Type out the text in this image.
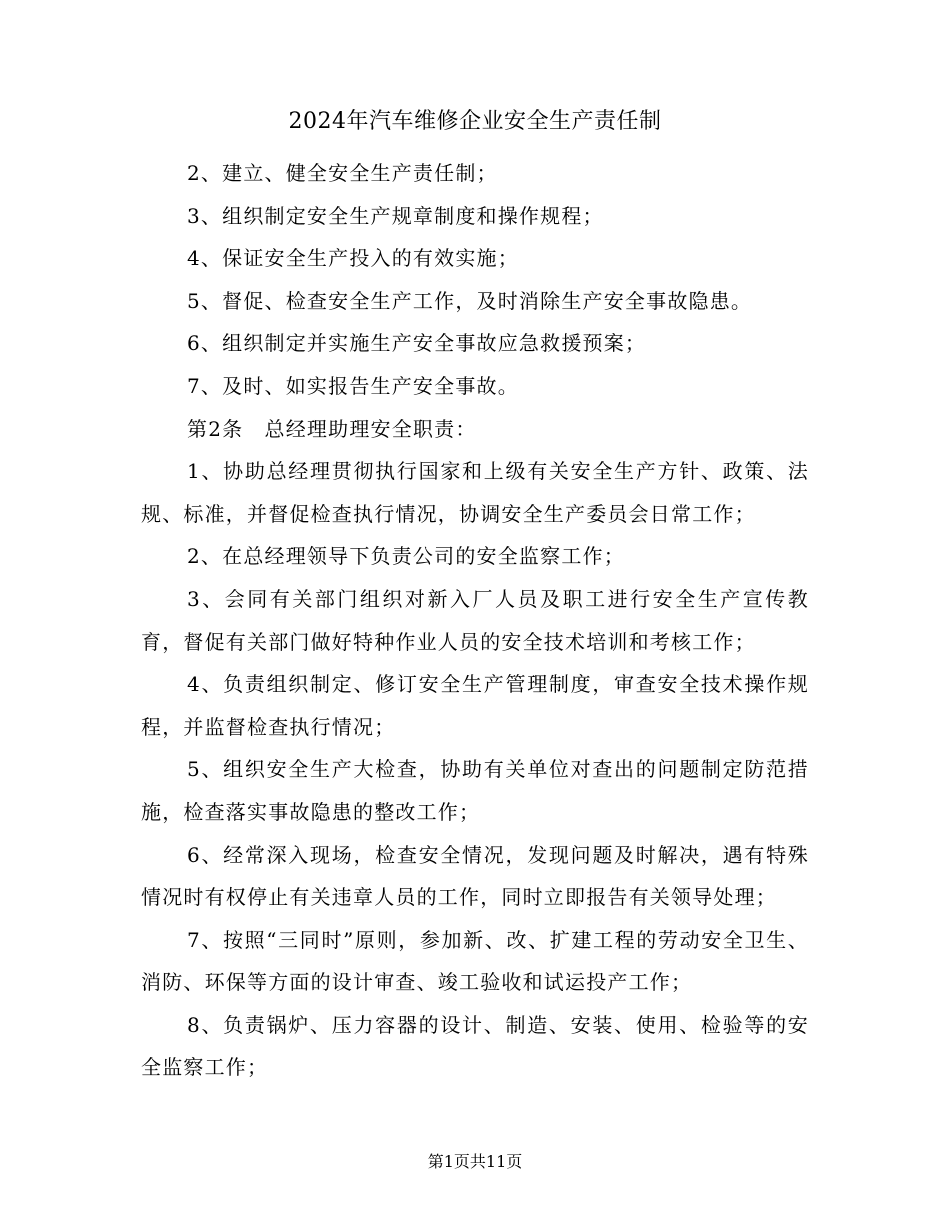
2024年汽车维修企业安全生产责任制

2、建立、健全安全生产责任制；

3、组织制定安全生产规章制度和操作规程；

4、保证安全生产投入的有效实施；

5、督促、检查安全生产工作，及时消除生产安全事故隐患。

6、组织制定并实施生产安全事故应急救援预案；

7、及时、如实报告生产安全事故。

第2条　总经理助理安全职责：

1、协助总经理贯彻执行国家和上级有关安全生产方针、政策、法规、标准，并督促检查执行情况，协调安全生产委员会日常工作；

2、在总经理领导下负责公司的安全监察工作；

3、会同有关部门组织对新入厂人员及职工进行安全生产宣传教育，督促有关部门做好特种作业人员的安全技术培训和考核工作；

4、负责组织制定、修订安全生产管理制度，审查安全技术操作规程，并监督检查执行情况；

5、组织安全生产大检查，协助有关单位对查出的问题制定防范措施，检查落实事故隐患的整改工作；

6、经常深入现场，检查安全情况，发现问题及时解决，遇有特殊情况时有权停止有关违章人员的工作，同时立即报告有关领导处理；

7、按照“三同时”原则，参加新、改、扩建工程的劳动安全卫生、消防、环保等方面的设计审查、竣工验收和试运投产工作；

8、负责锅炉、压力容器的设计、制造、安装、使用、检验等的安全监察工作；

第1页共11页
